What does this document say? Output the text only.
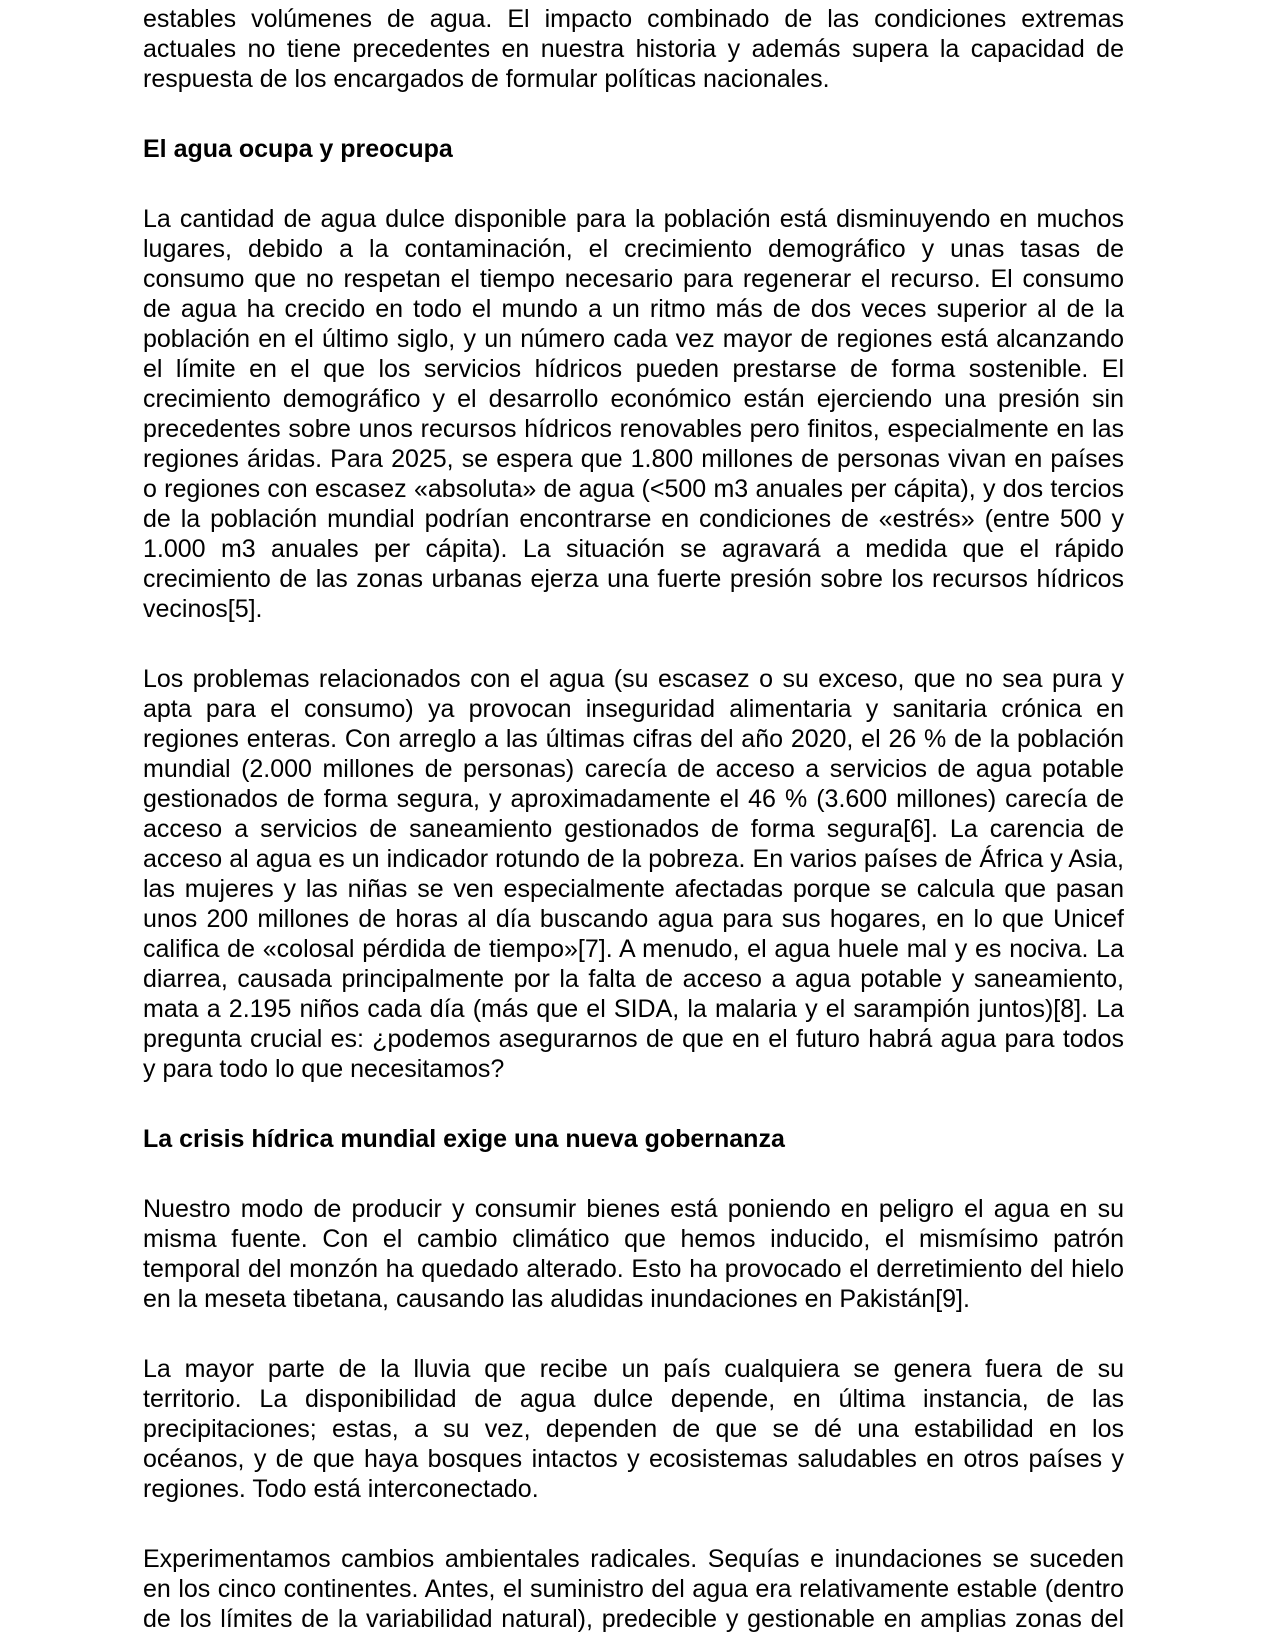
estables volúmenes de agua. El impacto combinado de las condiciones extremas actuales no tiene precedentes en nuestra historia y además supera la capacidad de respuesta de los encargados de formular políticas nacionales.

El agua ocupa y preocupa

La cantidad de agua dulce disponible para la población está disminuyendo en muchos lugares, debido a la contaminación, el crecimiento demográfico y unas tasas de consumo que no respetan el tiempo necesario para regenerar el recurso. El consumo de agua ha crecido en todo el mundo a un ritmo más de dos veces superior al de la población en el último siglo, y un número cada vez mayor de regiones está alcanzando el límite en el que los servicios hídricos pueden prestarse de forma sostenible. El crecimiento demográfico y el desarrollo económico están ejerciendo una presión sin precedentes sobre unos recursos hídricos renovables pero finitos, especialmente en las regiones áridas. Para 2025, se espera que 1.800 millones de personas vivan en países o regiones con escasez «absoluta» de agua (<500 m3 anuales per cápita), y dos tercios de la población mundial podrían encontrarse en condiciones de «estrés» (entre 500 y 1.000 m3 anuales per cápita). La situación se agravará a medida que el rápido crecimiento de las zonas urbanas ejerza una fuerte presión sobre los recursos hídricos vecinos[5].

Los problemas relacionados con el agua (su escasez o su exceso, que no sea pura y apta para el consumo) ya provocan inseguridad alimentaria y sanitaria crónica en regiones enteras. Con arreglo a las últimas cifras del año 2020, el 26 % de la población mundial (2.000 millones de personas) carecía de acceso a servicios de agua potable gestionados de forma segura, y aproximadamente el 46 % (3.600 millones) carecía de acceso a servicios de saneamiento gestionados de forma segura[6]. La carencia de acceso al agua es un indicador rotundo de la pobreza. En varios países de África y Asia, las mujeres y las niñas se ven especialmente afectadas porque se calcula que pasan unos 200 millones de horas al día buscando agua para sus hogares, en lo que Unicef califica de «colosal pérdida de tiempo»[7]. A menudo, el agua huele mal y es nociva. La diarrea, causada principalmente por la falta de acceso a agua potable y saneamiento, mata a 2.195 niños cada día (más que el SIDA, la malaria y el sarampión juntos)[8]. La pregunta crucial es: ¿podemos asegurarnos de que en el futuro habrá agua para todos y para todo lo que necesitamos?

La crisis hídrica mundial exige una nueva gobernanza

Nuestro modo de producir y consumir bienes está poniendo en peligro el agua en su misma fuente. Con el cambio climático que hemos inducido, el mismísimo patrón temporal del monzón ha quedado alterado. Esto ha provocado el derretimiento del hielo en la meseta tibetana, causando las aludidas inundaciones en Pakistán[9].

La mayor parte de la lluvia que recibe un país cualquiera se genera fuera de su territorio. La disponibilidad de agua dulce depende, en última instancia, de las precipitaciones; estas, a su vez, dependen de que se dé una estabilidad en los océanos, y de que haya bosques intactos y ecosistemas saludables en otros países y regiones. Todo está interconectado.

Experimentamos cambios ambientales radicales. Sequías e inundaciones se suceden en los cinco continentes. Antes, el suministro del agua era relativamente estable (dentro de los límites de la variabilidad natural), predecible y gestionable en amplias zonas del
